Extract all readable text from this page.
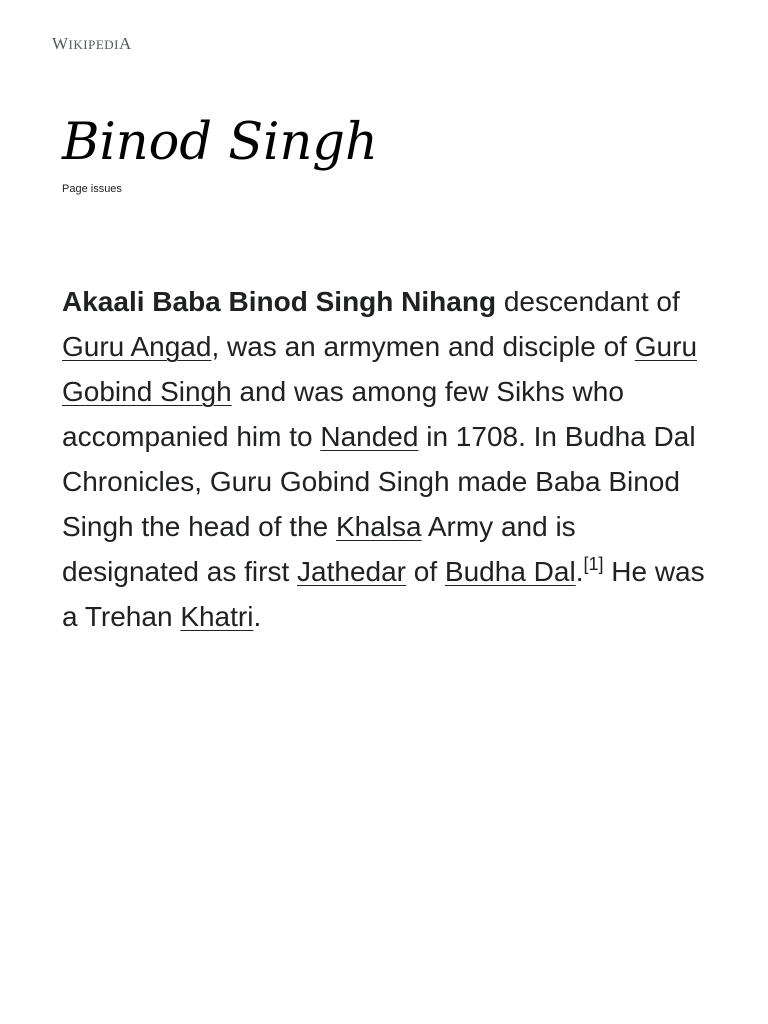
WIKIPEDIA
Binod Singh
Page issues

Akaali Baba Binod Singh Nihang descendant of Guru Angad, was an armymen and disciple of Guru Gobind Singh and was among few Sikhs who accompanied him to Nanded in 1708. In Budha Dal Chronicles, Guru Gobind Singh made Baba Binod Singh the head of the Khalsa Army and is designated as first Jathedar of Budha Dal.[1] He was a Trehan Khatri.
